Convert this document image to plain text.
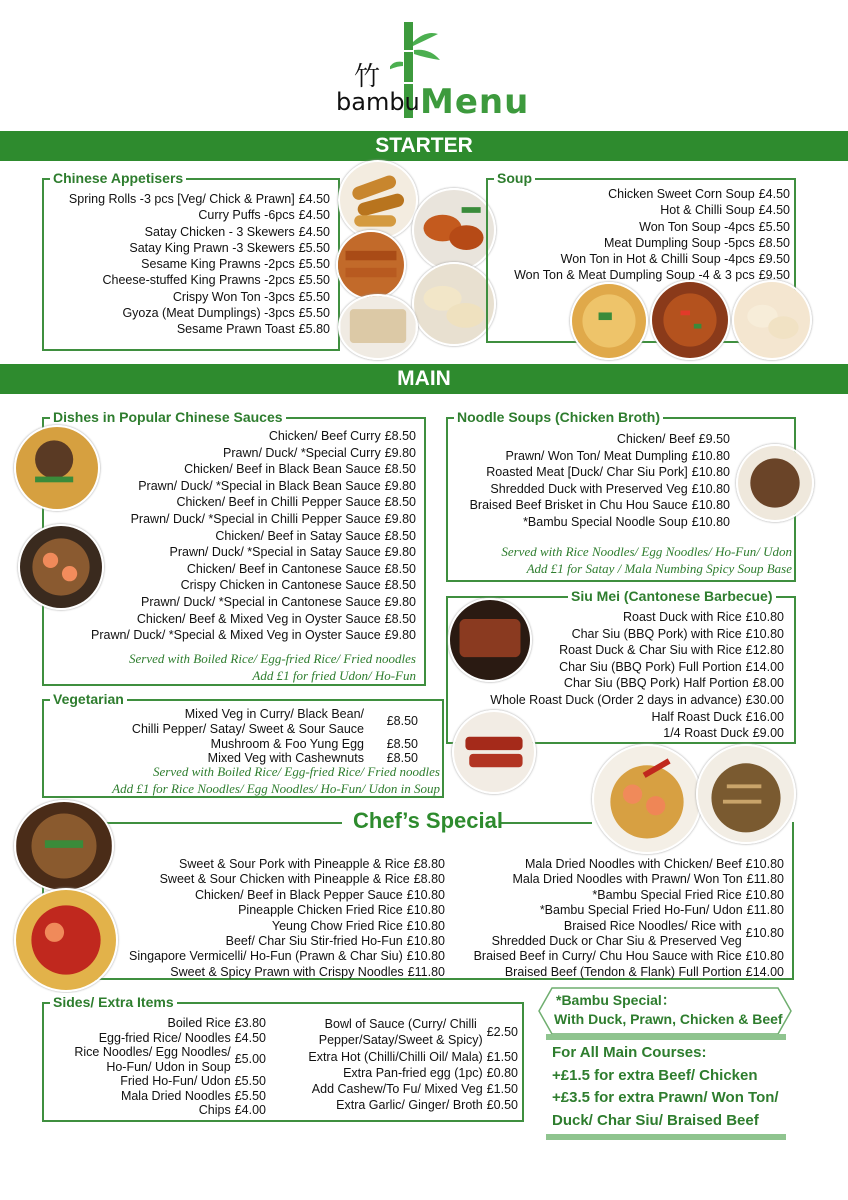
竹
bambu Menu
STARTER
MAIN
Chinese Appetisers
Spring Rolls -3 pcs [Veg/ Chick & Prawn] £4.50
Curry Puffs -6pcs £4.50
Satay Chicken - 3 Skewers £4.50
Satay King Prawn -3 Skewers £5.50
Sesame King Prawns -2pcs £5.50
Cheese-stuffed King Prawns -2pcs £5.50
Crispy Won Ton -3pcs £5.50
Gyoza (Meat Dumplings) -3pcs £5.50
Sesame Prawn Toast £5.80
Soup
Chicken Sweet Corn Soup £4.50
Hot & Chilli Soup £4.50
Won Ton Soup -4pcs £5.50
Meat Dumpling Soup -5pcs £8.50
Won Ton in Hot & Chilli Soup -4pcs £9.50
Won Ton & Meat Dumpling Soup -4 & 3 pcs £9.50
Dishes in Popular Chinese Sauces
Chicken/ Beef Curry £8.50
Prawn/ Duck/ *Special Curry £9.80
Chicken/ Beef in Black Bean Sauce £8.50
Prawn/ Duck/ *Special in Black Bean Sauce £9.80
Chicken/ Beef in Chilli Pepper Sauce £8.50
Prawn/ Duck/ *Special in Chilli Pepper Sauce £9.80
Chicken/ Beef in Satay Sauce £8.50
Prawn/ Duck/ *Special in Satay Sauce £9.80
Chicken/ Beef in Cantonese Sauce £8.50
Crispy Chicken in Cantonese Sauce £8.50
Prawn/ Duck/ *Special in Cantonese Sauce £9.80
Chicken/ Beef & Mixed Veg in Oyster Sauce £8.50
Prawn/ Duck/ *Special & Mixed Veg in Oyster Sauce £9.80
Served with Boiled Rice/ Egg-fried Rice/ Fried noodles
Add £1 for fried Udon/ Ho-Fun
Noodle Soups (Chicken Broth)
Chicken/ Beef £9.50
Prawn/ Won Ton/ Meat Dumpling £10.80
Roasted Meat [Duck/ Char Siu Pork] £10.80
Shredded Duck with Preserved Veg £10.80
Braised Beef Brisket in Chu Hou Sauce £10.80
*Bambu Special Noodle Soup £10.80
Served with Rice Noodles/ Egg Noodles/ Ho-Fun/ Udon
Add £1 for Satay / Mala Numbing Spicy Soup Base
Siu Mei (Cantonese Barbecue)
Roast Duck with Rice £10.80
Char Siu (BBQ Pork) with Rice £10.80
Roast Duck & Char Siu with Rice £12.80
Char Siu (BBQ Pork) Full Portion £14.00
Char Siu (BBQ Pork) Half Portion £8.00
Whole Roast Duck (Order 2 days in advance) £30.00
Half Roast Duck £16.00
1/4 Roast Duck £9.00
Vegetarian
Mixed Veg in Curry/ Black Bean/
Chilli Pepper/ Satay/ Sweet & Sour Sauce
£8.50
Mushroom & Foo Yung Egg £8.50
Mixed Veg with Cashewnuts £8.50
Served with Boiled Rice/ Egg-fried Rice/ Fried noodles
Add £1 for Rice Noodles/ Egg Noodles/ Ho-Fun/ Udon in Soup
Chef’s Special
Sweet & Sour Pork with Pineapple & Rice £8.80
Sweet & Sour Chicken with Pineapple & Rice £8.80
Chicken/ Beef in Black Pepper Sauce £10.80
Pineapple Chicken Fried Rice £10.80
Yeung Chow Fried Rice £10.80
Beef/ Char Siu Stir-fried Ho-Fun £10.80
Singapore Vermicelli/ Ho-Fun (Prawn & Char Siu) £10.80
Sweet & Spicy Prawn with Crispy Noodles £11.80
Mala Dried Noodles with Chicken/ Beef £10.80
Mala Dried Noodles with Prawn/ Won Ton £11.80
*Bambu Special Fried Rice £10.80
*Bambu Special Fried Ho-Fun/ Udon £11.80
Braised Rice Noodles/ Rice with
Shredded Duck or Char Siu & Preserved Veg
£10.80
Braised Beef in Curry/ Chu Hou Sauce with Rice £10.80
Braised Beef (Tendon & Flank) Full Portion £14.00
Sides/ Extra Items
Boiled Rice £3.80
Egg-fried Rice/ Noodles £4.50
Rice Noodles/ Egg Noodles/
Ho-Fun/ Udon in Soup
£5.00
Fried Ho-Fun/ Udon £5.50
Mala Dried Noodles £5.50
Chips £4.00
Bowl of Sauce (Curry/ Chilli
Pepper/Satay/Sweet & Spicy)
£2.50
Extra Hot (Chilli/Chilli Oil/ Mala) £1.50
Extra Pan-fried egg (1pc) £0.80
Add Cashew/To Fu/ Mixed Veg £1.50
Extra Garlic/ Ginger/ Broth £0.50
*Bambu Special：
With Duck, Prawn, Chicken & Beef
For All Main Courses:
+£1.5 for extra Beef/ Chicken
+£3.5 for extra Prawn/ Won Ton/
Duck/ Char Siu/ Braised Beef
